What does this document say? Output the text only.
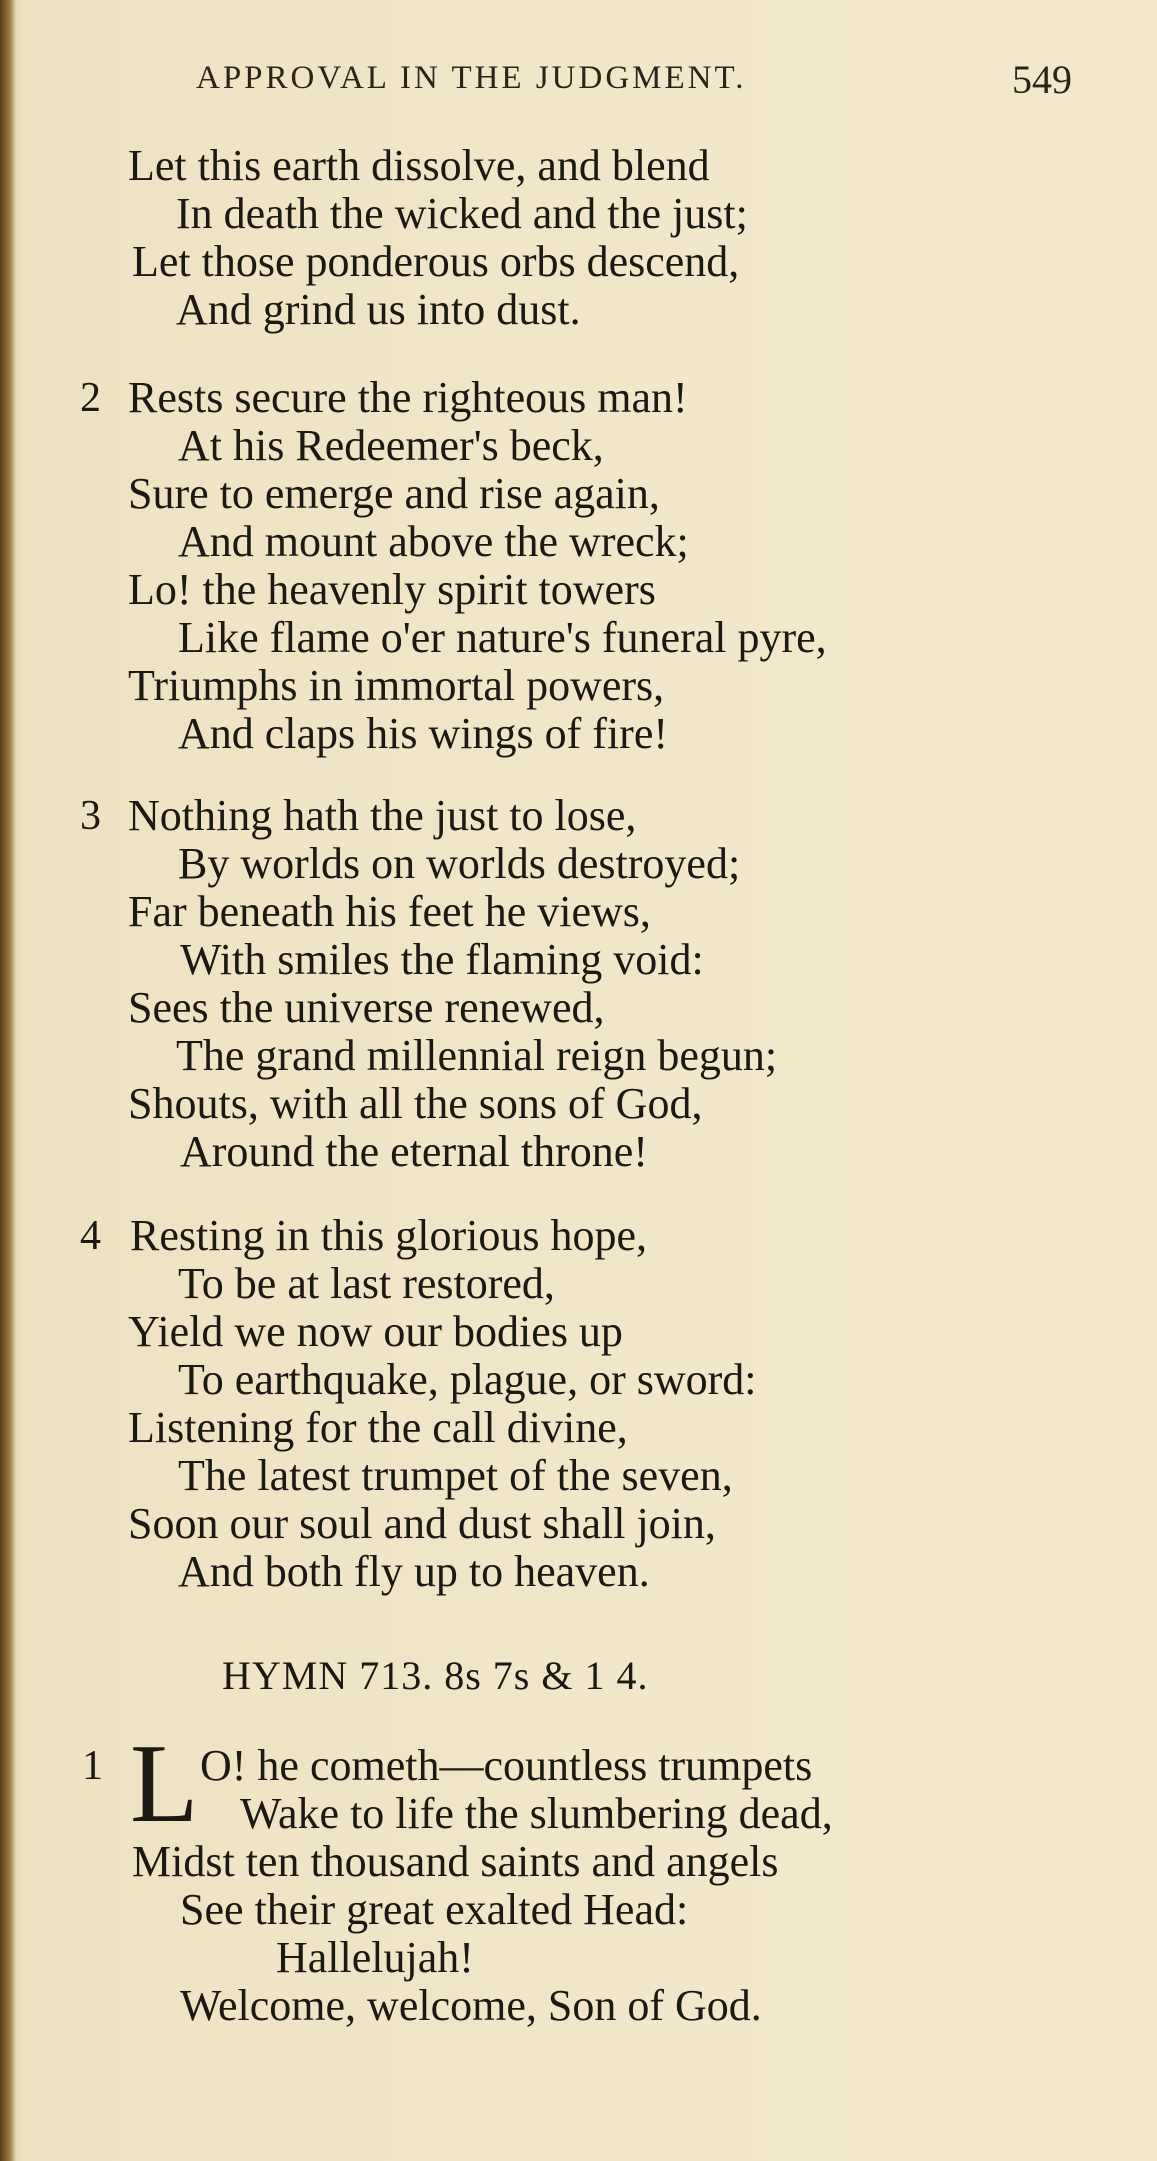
APPROVAL IN THE JUDGMENT.	549
Let this earth dissolve, and blend
In death the wicked and the just;
Let those ponderous orbs descend,
And grind us into dust.
2 Rests secure the righteous man!
At his Redeemer's beck,
Sure to emerge and rise again,
And mount above the wreck;
Lo! the heavenly spirit towers
Like flame o'er nature's funeral pyre,
Triumphs in immortal powers,
And claps his wings of fire!
3 Nothing hath the just to lose,
By worlds on worlds destroyed;
Far beneath his feet he views,
With smiles the flaming void:
Sees the universe renewed,
The grand millennial reign begun;
Shouts, with all the sons of God,
Around the eternal throne!
4 Resting in this glorious hope,
To be at last restored,
Yield we now our bodies up
To earthquake, plague, or sword:
Listening for the call divine,
The latest trumpet of the seven,
Soon our soul and dust shall join,
And both fly up to heaven.
HYMN 713. 8s 7s & 1 4.
1 L O! he cometh—countless trumpets
Wake to life the slumbering dead,
Midst ten thousand saints and angels
See their great exalted Head:
Hallelujah!
Welcome, welcome, Son of God.
